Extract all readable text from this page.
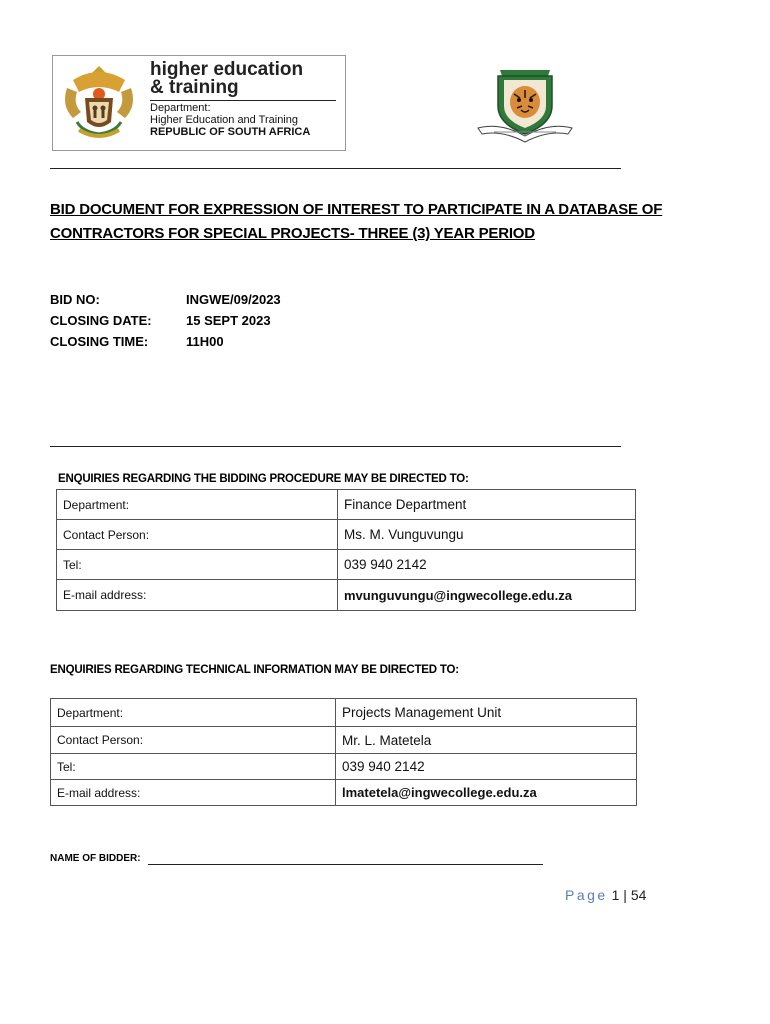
higher education
& training
Department:
Higher Education and Training
REPUBLIC OF SOUTH AFRICA
BID DOCUMENT FOR EXPRESSION OF INTEREST TO PARTICIPATE IN A DATABASE OF CONTRACTORS FOR SPECIAL PROJECTS- THREE (3) YEAR PERIOD
BID NO:	INGWE/09/2023
CLOSING DATE:	15 SEPT 2023
CLOSING TIME:	11H00
ENQUIRIES REGARDING THE BIDDING PROCEDURE MAY BE DIRECTED TO:
Department:	Finance Department
Contact Person:	Ms. M. Vunguvungu
Tel:	039 940 2142
E-mail address:	mvunguvungu@ingwecollege.edu.za
ENQUIRIES REGARDING TECHNICAL INFORMATION MAY BE DIRECTED TO:
Department:	Projects Management Unit
Contact Person:	Mr. L. Matetela
Tel:	039 940 2142
E-mail address:	lmatetela@ingwecollege.edu.za
NAME OF BIDDER:
Page 1 | 54
